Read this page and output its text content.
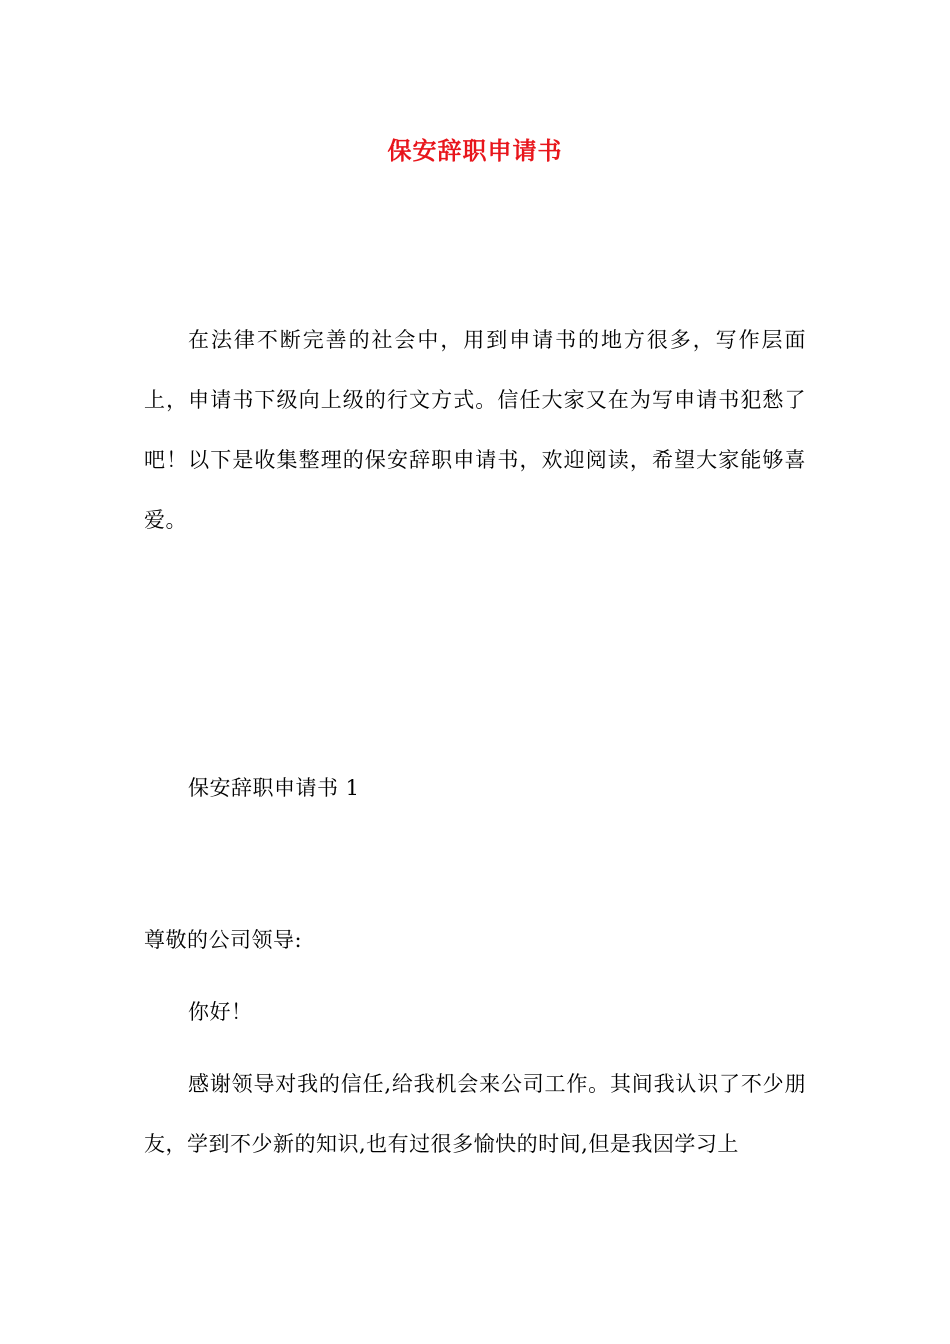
保安辞职申请书
在法律不断完善的社会中，用到申请书的地方很多，写作层面上，申请书下级向上级的行文方式。信任大家又在为写申请书犯愁了吧！以下是收集整理的保安辞职申请书，欢迎阅读，希望大家能够喜爱。
保安辞职申请书 1
尊敬的公司领导:
你好！
感谢领导对我的信任,给我机会来公司工作。其间我认识了不少朋友，学到不少新的知识,也有过很多愉快的时间,但是我因学习上
